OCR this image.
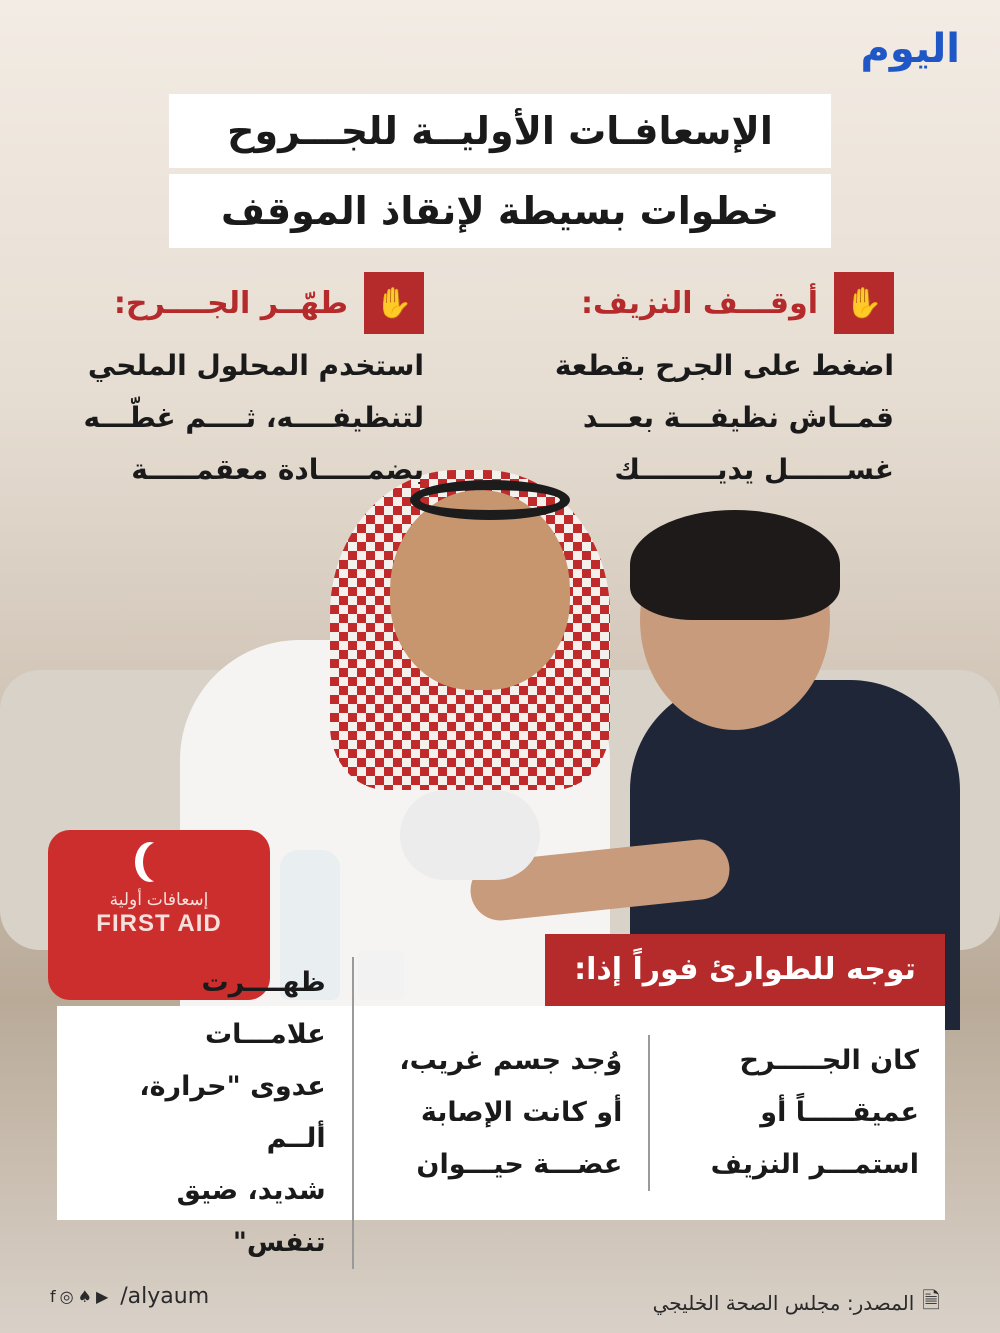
إسعافات أولية
FIRST AID
اليوم
الإسعافـات الأوليــة للجـــروح
خطوات بسيطة لإنقاذ الموقف
✋
أوقـــف النزيف:
اضغط على الجرح بقطعة
قمــاش نظيفـــة بعـــد
غســــــل يديــــــــك
✋
طهّــر الجــــرح:
استخدم المحلول الملحي
لتنظيفــــه، ثــــم غطّـــه
بضمـــــادة معقمـــــة
توجه للطوارئ فوراً إذا:
كان الجـــــرح
عميقـــــاً أو
استمـــر النزيف
وُجد جسم غريب،
أو كانت الإصابة
عضـــة حيـــوان
ظهــــرت علامـــات
عدوى "حرارة، ألــم
شديد، ضيق تنفس"
f ◎ ♠ ▶ /alyaum	🗎
المصدر: مجلس الصحة الخليجي
